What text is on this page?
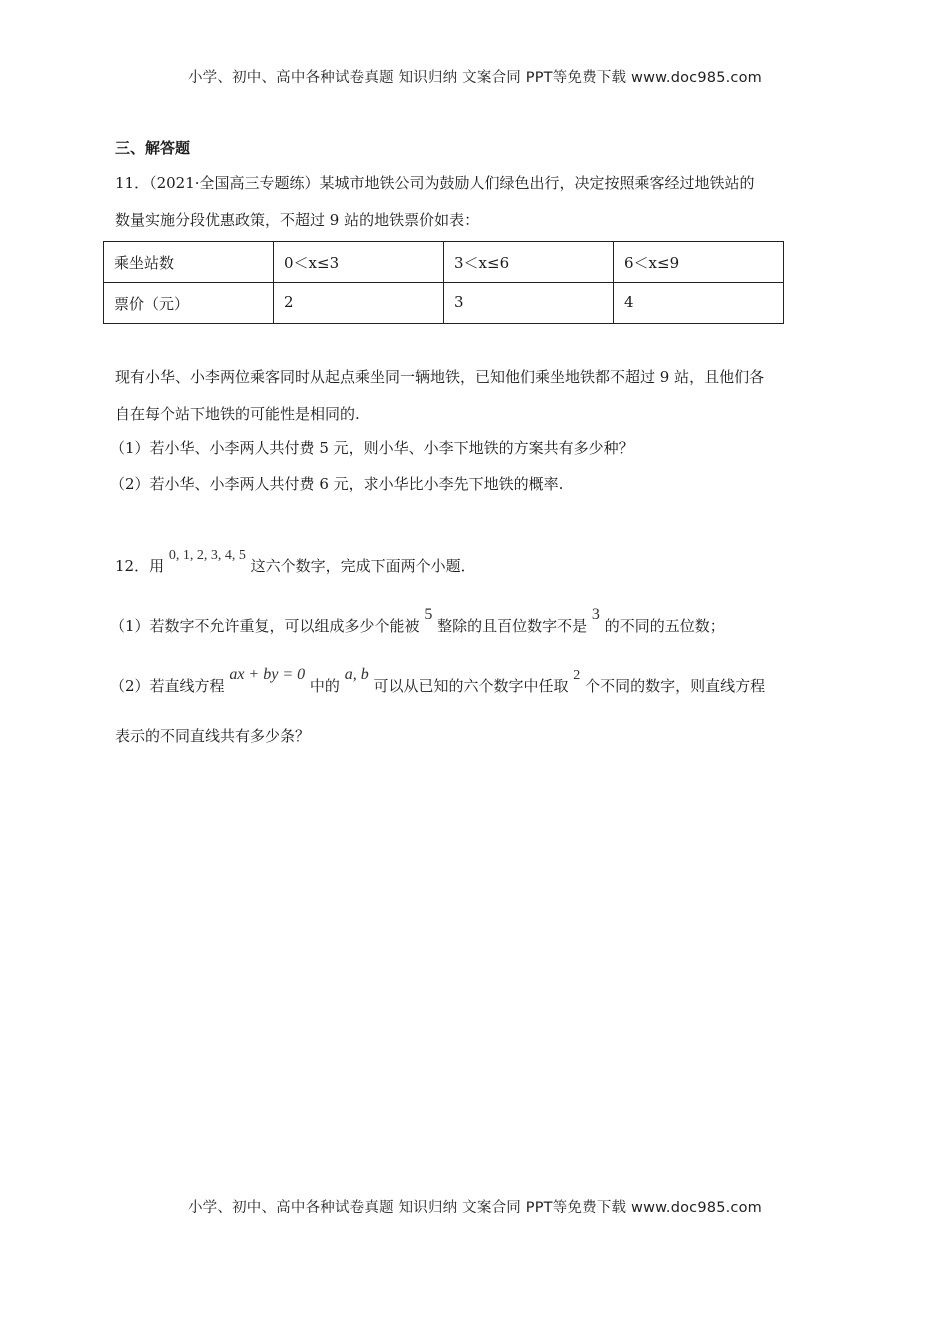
小学、初中、高中各种试卷真题 知识归纳 文案合同 PPT等免费下载 www.doc985.com
三、解答题
11．（2021·全国高三专题练）某城市地铁公司为鼓励人们绿色出行，决定按照乘客经过地铁站的
数量实施分段优惠政策，不超过 9 站的地铁票价如表：
乘坐站数	0＜x≤3	3＜x≤6	6＜x≤9
票价（元）	2	3	4
现有小华、小李两位乘客同时从起点乘坐同一辆地铁，已知他们乘坐地铁都不超过 9 站，且他们各
自在每个站下地铁的可能性是相同的.
（1）若小华、小李两人共付费 5 元，则小华、小李下地铁的方案共有多少种？
（2）若小华、小李两人共付费 6 元，求小华比小李先下地铁的概率.
12．用 0, 1, 2, 3, 4, 5 这六个数字，完成下面两个小题．
（1）若数字不允许重复，可以组成多少个能被 5 整除的且百位数字不是 3 的不同的五位数；
（2）若直线方程 ax + by = 0 中的 a, b 可以从已知的六个数字中任取 2 个不同的数字，则直线方程
表示的不同直线共有多少条？
小学、初中、高中各种试卷真题 知识归纳 文案合同 PPT等免费下载 www.doc985.com
